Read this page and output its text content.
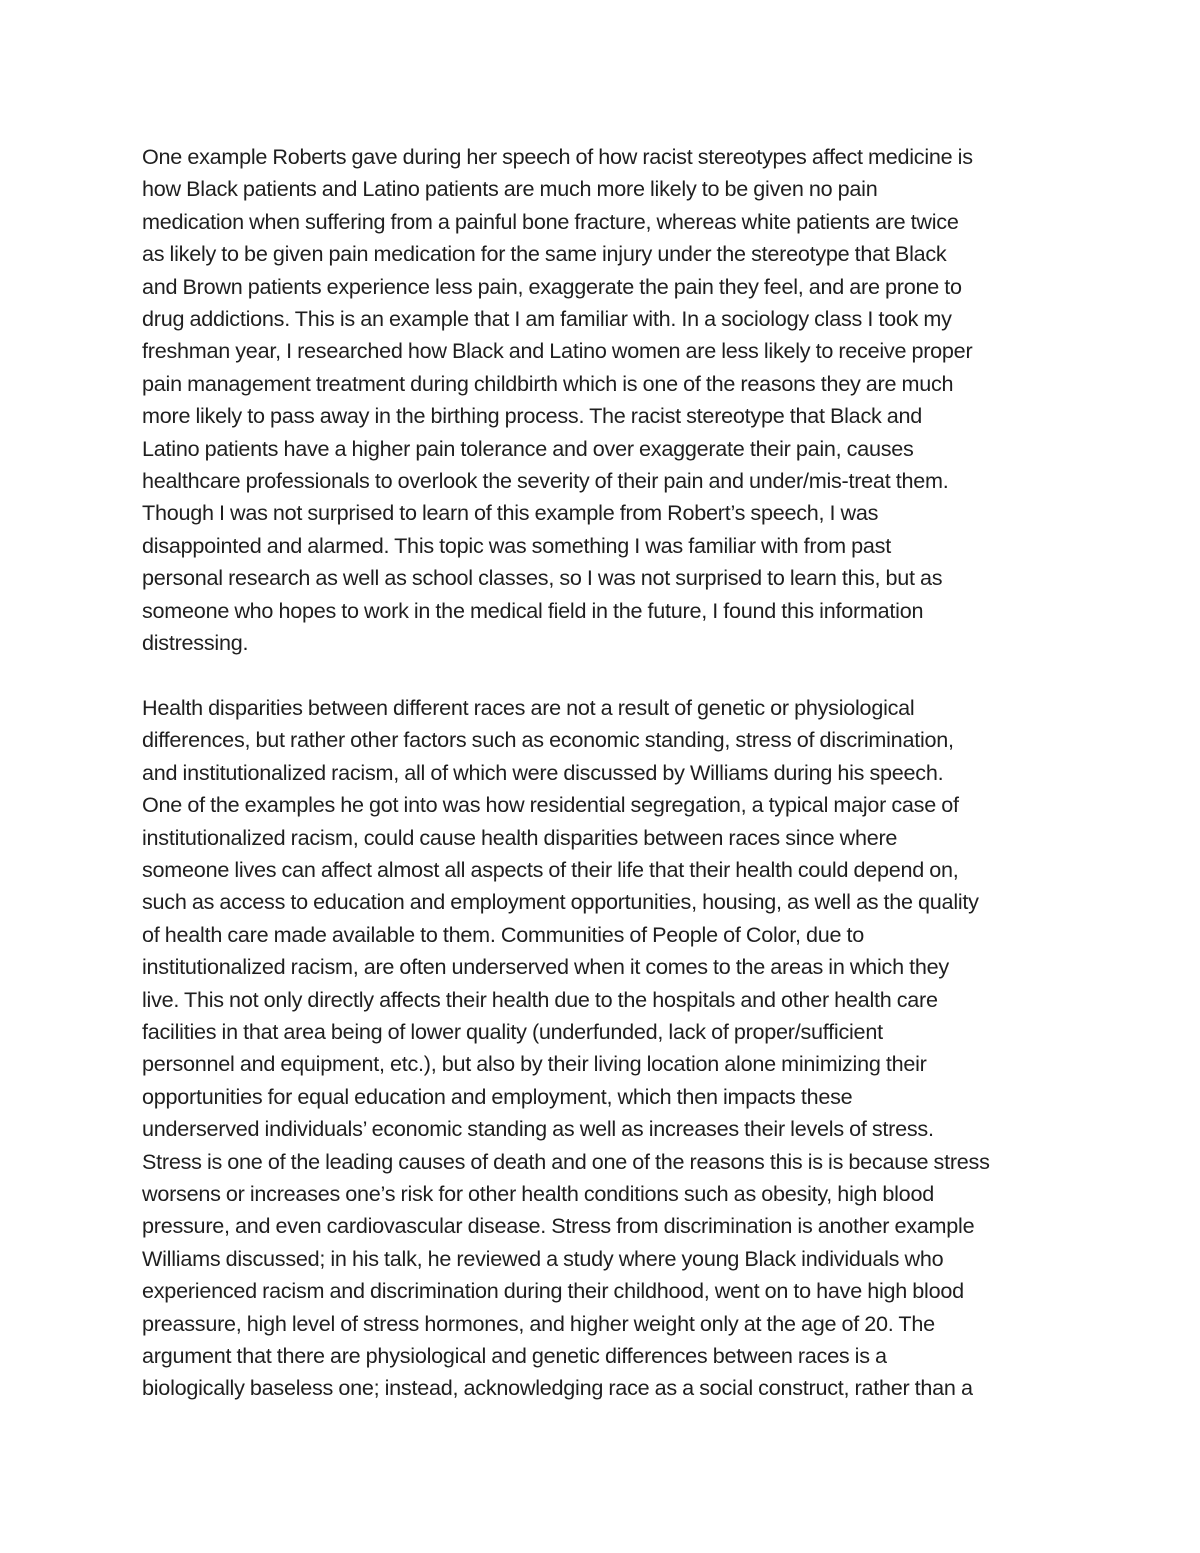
One example Roberts gave during her speech of how racist stereotypes affect medicine is
how Black patients and Latino patients are much more likely to be given no pain
medication when suffering from a painful bone fracture, whereas white patients are twice
as likely to be given pain medication for the same injury under the stereotype that Black
and Brown patients experience less pain, exaggerate the pain they feel, and are prone to
drug addictions. This is an example that I am familiar with. In a sociology class I took my
freshman year, I researched how Black and Latino women are less likely to receive proper
pain management treatment during childbirth which is one of the reasons they are much
more likely to pass away in the birthing process. The racist stereotype that Black and
Latino patients have a higher pain tolerance and over exaggerate their pain, causes
healthcare professionals to overlook the severity of their pain and under/mis-treat them.
Though I was not surprised to learn of this example from Robert’s speech, I was
disappointed and alarmed. This topic was something I was familiar with from past
personal research as well as school classes, so I was not surprised to learn this, but as
someone who hopes to work in the medical field in the future, I found this information
distressing.

Health disparities between different races are not a result of genetic or physiological
differences, but rather other factors such as economic standing, stress of discrimination,
and institutionalized racism, all of which were discussed by Williams during his speech.
One of the examples he got into was how residential segregation, a typical major case of
institutionalized racism, could cause health disparities between races since where
someone lives can affect almost all aspects of their life that their health could depend on,
such as access to education and employment opportunities, housing, as well as the quality
of health care made available to them. Communities of People of Color, due to
institutionalized racism, are often underserved when it comes to the areas in which they
live. This not only directly affects their health due to the hospitals and other health care
facilities in that area being of lower quality (underfunded, lack of proper/sufficient
personnel and equipment, etc.), but also by their living location alone minimizing their
opportunities for equal education and employment, which then impacts these
underserved individuals’ economic standing as well as increases their levels of stress.
Stress is one of the leading causes of death and one of the reasons this is is because stress
worsens or increases one’s risk for other health conditions such as obesity, high blood
pressure, and even cardiovascular disease. Stress from discrimination is another example
Williams discussed; in his talk, he reviewed a study where young Black individuals who
experienced racism and discrimination during their childhood, went on to have high blood
preassure, high level of stress hormones, and higher weight only at the age of 20. The
argument that there are physiological and genetic differences between races is a
biologically baseless one; instead, acknowledging race as a social construct, rather than a
